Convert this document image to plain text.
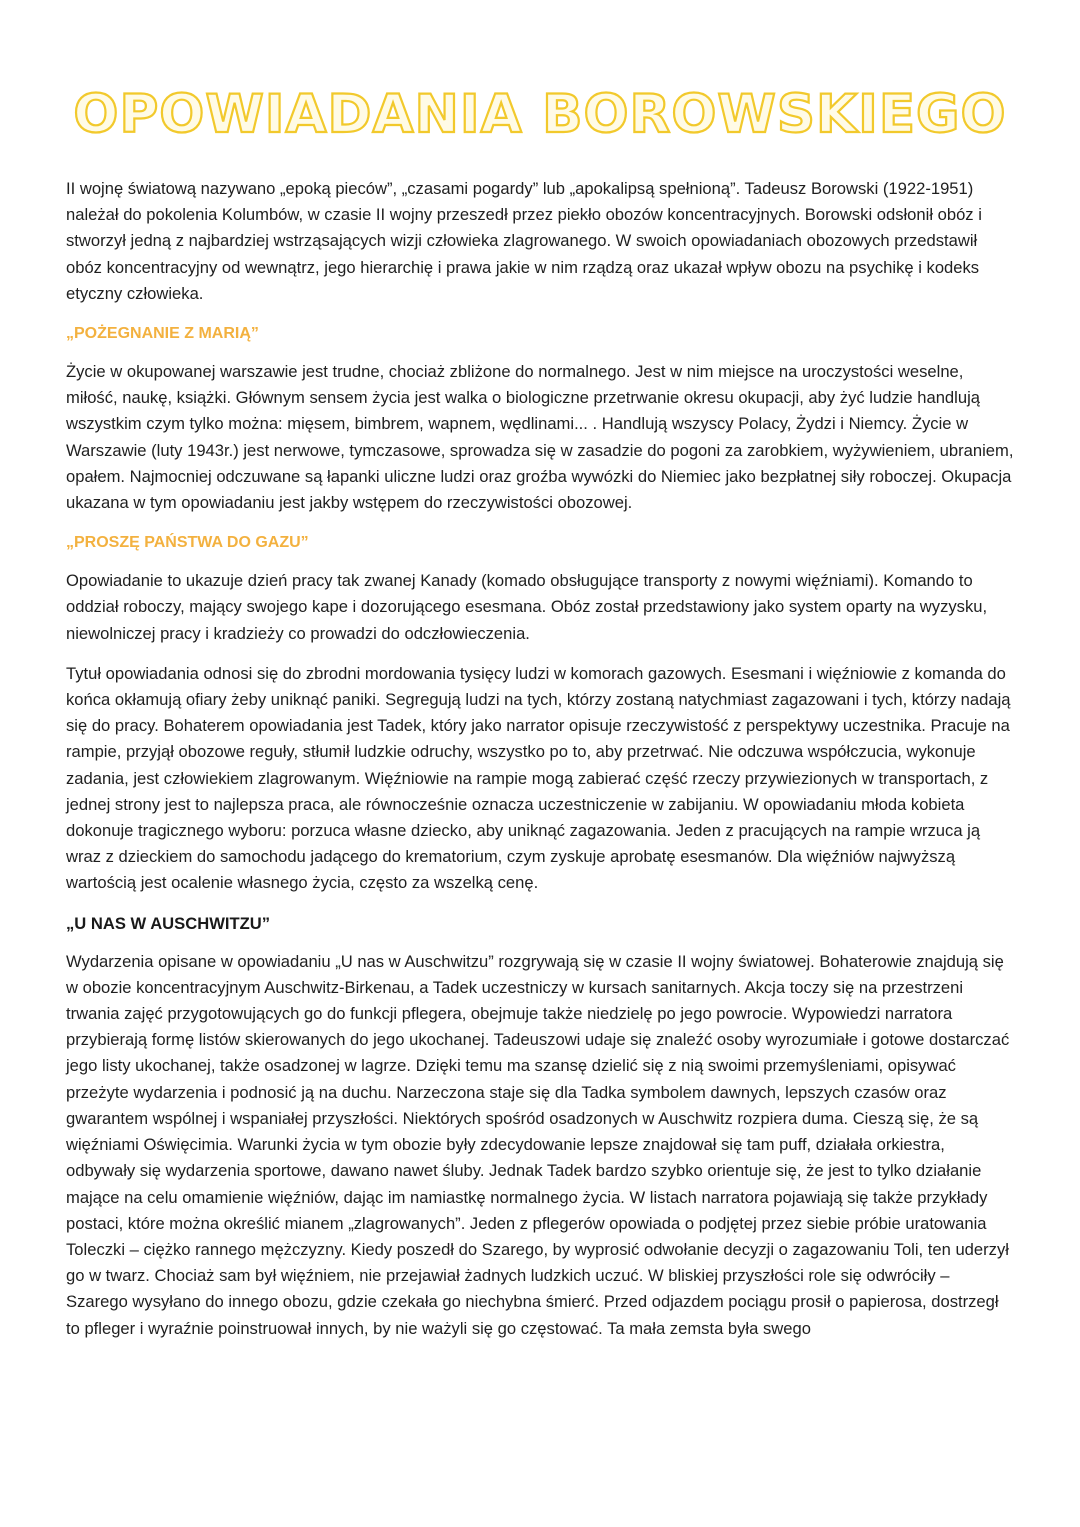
OPOWIADANIA BOROWSKIEGO

II wojnę światową nazywano „epoką pieców”, „czasami pogardy” lub „apokalipsą spełnioną”. Tadeusz Borowski (1922-1951) należał do pokolenia Kolumbów, w czasie II wojny przeszedł przez piekło obozów koncentracyjnych. Borowski odsłonił obóz i stworzył jedną z najbardziej wstrząsających wizji człowieka zlagrowanego. W swoich opowiadaniach obozowych przedstawił obóz koncentracyjny od wewnątrz, jego hierarchię i prawa jakie w nim rządzą oraz ukazał wpływ obozu na psychikę i kodeks etyczny człowieka.

„POŻEGNANIE Z MARIĄ”

Życie w okupowanej warszawie jest trudne, chociaż zbliżone do normalnego. Jest w nim miejsce na uroczystości weselne, miłość, naukę, książki. Głównym sensem życia jest walka o biologiczne przetrwanie okresu okupacji, aby żyć ludzie handlują wszystkim czym tylko można: mięsem, bimbrem, wapnem, wędlinami... . Handlują wszyscy Polacy, Żydzi i Niemcy. Życie w Warszawie (luty 1943r.) jest nerwowe, tymczasowe, sprowadza się w zasadzie do pogoni za zarobkiem, wyżywieniem, ubraniem, opałem. Najmocniej odczuwane są łapanki uliczne ludzi oraz groźba wywózki do Niemiec jako bezpłatnej siły roboczej. Okupacja ukazana w tym opowiadaniu jest jakby wstępem do rzeczywistości obozowej.

„PROSZĘ PAŃSTWA DO GAZU”

Opowiadanie to ukazuje dzień pracy tak zwanej Kanady (komado obsługujące transporty z nowymi więźniami). Komando to oddział roboczy, mający swojego kape i dozorującego esesmana. Obóz został przedstawiony jako system oparty na wyzysku, niewolniczej pracy i kradzieży co prowadzi do odczłowieczenia.

Tytuł opowiadania odnosi się do zbrodni mordowania tysięcy ludzi w komorach gazowych. Esesmani i więźniowie z komanda do końca okłamują ofiary żeby uniknąć paniki. Segregują ludzi na tych, którzy zostaną natychmiast zagazowani i tych, którzy nadają się do pracy. Bohaterem opowiadania jest Tadek, który jako narrator opisuje rzeczywistość z perspektywy uczestnika. Pracuje na rampie, przyjął obozowe reguły, stłumił ludzkie odruchy, wszystko po to, aby przetrwać. Nie odczuwa współczucia, wykonuje zadania, jest człowiekiem zlagrowanym. Więźniowie na rampie mogą zabierać część rzeczy przywiezionych w transportach, z jednej strony jest to najlepsza praca, ale równocześnie oznacza uczestniczenie w zabijaniu. W opowiadaniu młoda kobieta dokonuje tragicznego wyboru: porzuca własne dziecko, aby uniknąć zagazowania. Jeden z pracujących na rampie wrzuca ją wraz z dzieckiem do samochodu jadącego do krematorium, czym zyskuje aprobatę esesmanów. Dla więźniów najwyższą wartością jest ocalenie własnego życia, często za wszelką cenę.

„U NAS W AUSCHWITZU”

Wydarzenia opisane w opowiadaniu „U nas w Auschwitzu” rozgrywają się w czasie II wojny światowej. Bohaterowie znajdują się w obozie koncentracyjnym Auschwitz-Birkenau, a Tadek uczestniczy w kursach sanitarnych. Akcja toczy się na przestrzeni trwania zajęć przygotowujących go do funkcji pflegera, obejmuje także niedzielę po jego powrocie. Wypowiedzi narratora przybierają formę listów skierowanych do jego ukochanej. Tadeuszowi udaje się znaleźć osoby wyrozumiałe i gotowe dostarczać jego listy ukochanej, także osadzonej w lagrze. Dzięki temu ma szansę dzielić się z nią swoimi przemyśleniami, opisywać przeżyte wydarzenia i podnosić ją na duchu. Narzeczona staje się dla Tadka symbolem dawnych, lepszych czasów oraz gwarantem wspólnej i wspaniałej przyszłości. Niektórych spośród osadzonych w Auschwitz rozpiera duma. Cieszą się, że są więźniami Oświęcimia. Warunki życia w tym obozie były zdecydowanie lepsze znajdował się tam puff, działała orkiestra, odbywały się wydarzenia sportowe, dawano nawet śluby. Jednak Tadek bardzo szybko orientuje się, że jest to tylko działanie mające na celu omamienie więźniów, dając im namiastkę normalnego życia. W listach narratora pojawiają się także przykłady postaci, które można określić mianem „zlagrowanych”. Jeden z pflegerów opowiada o podjętej przez siebie próbie uratowania Toleczki – ciężko rannego mężczyzny. Kiedy poszedł do Szarego, by wyprosić odwołanie decyzji o zagazowaniu Toli, ten uderzył go w twarz. Chociaż sam był więźniem, nie przejawiał żadnych ludzkich uczuć. W bliskiej przyszłości role się odwróciły – Szarego wysyłano do innego obozu, gdzie czekała go niechybna śmierć. Przed odjazdem pociągu prosił o papierosa, dostrzegł to pfleger i wyraźnie poinstruował innych, by nie ważyli się go częstować. Ta mała zemsta była swego
